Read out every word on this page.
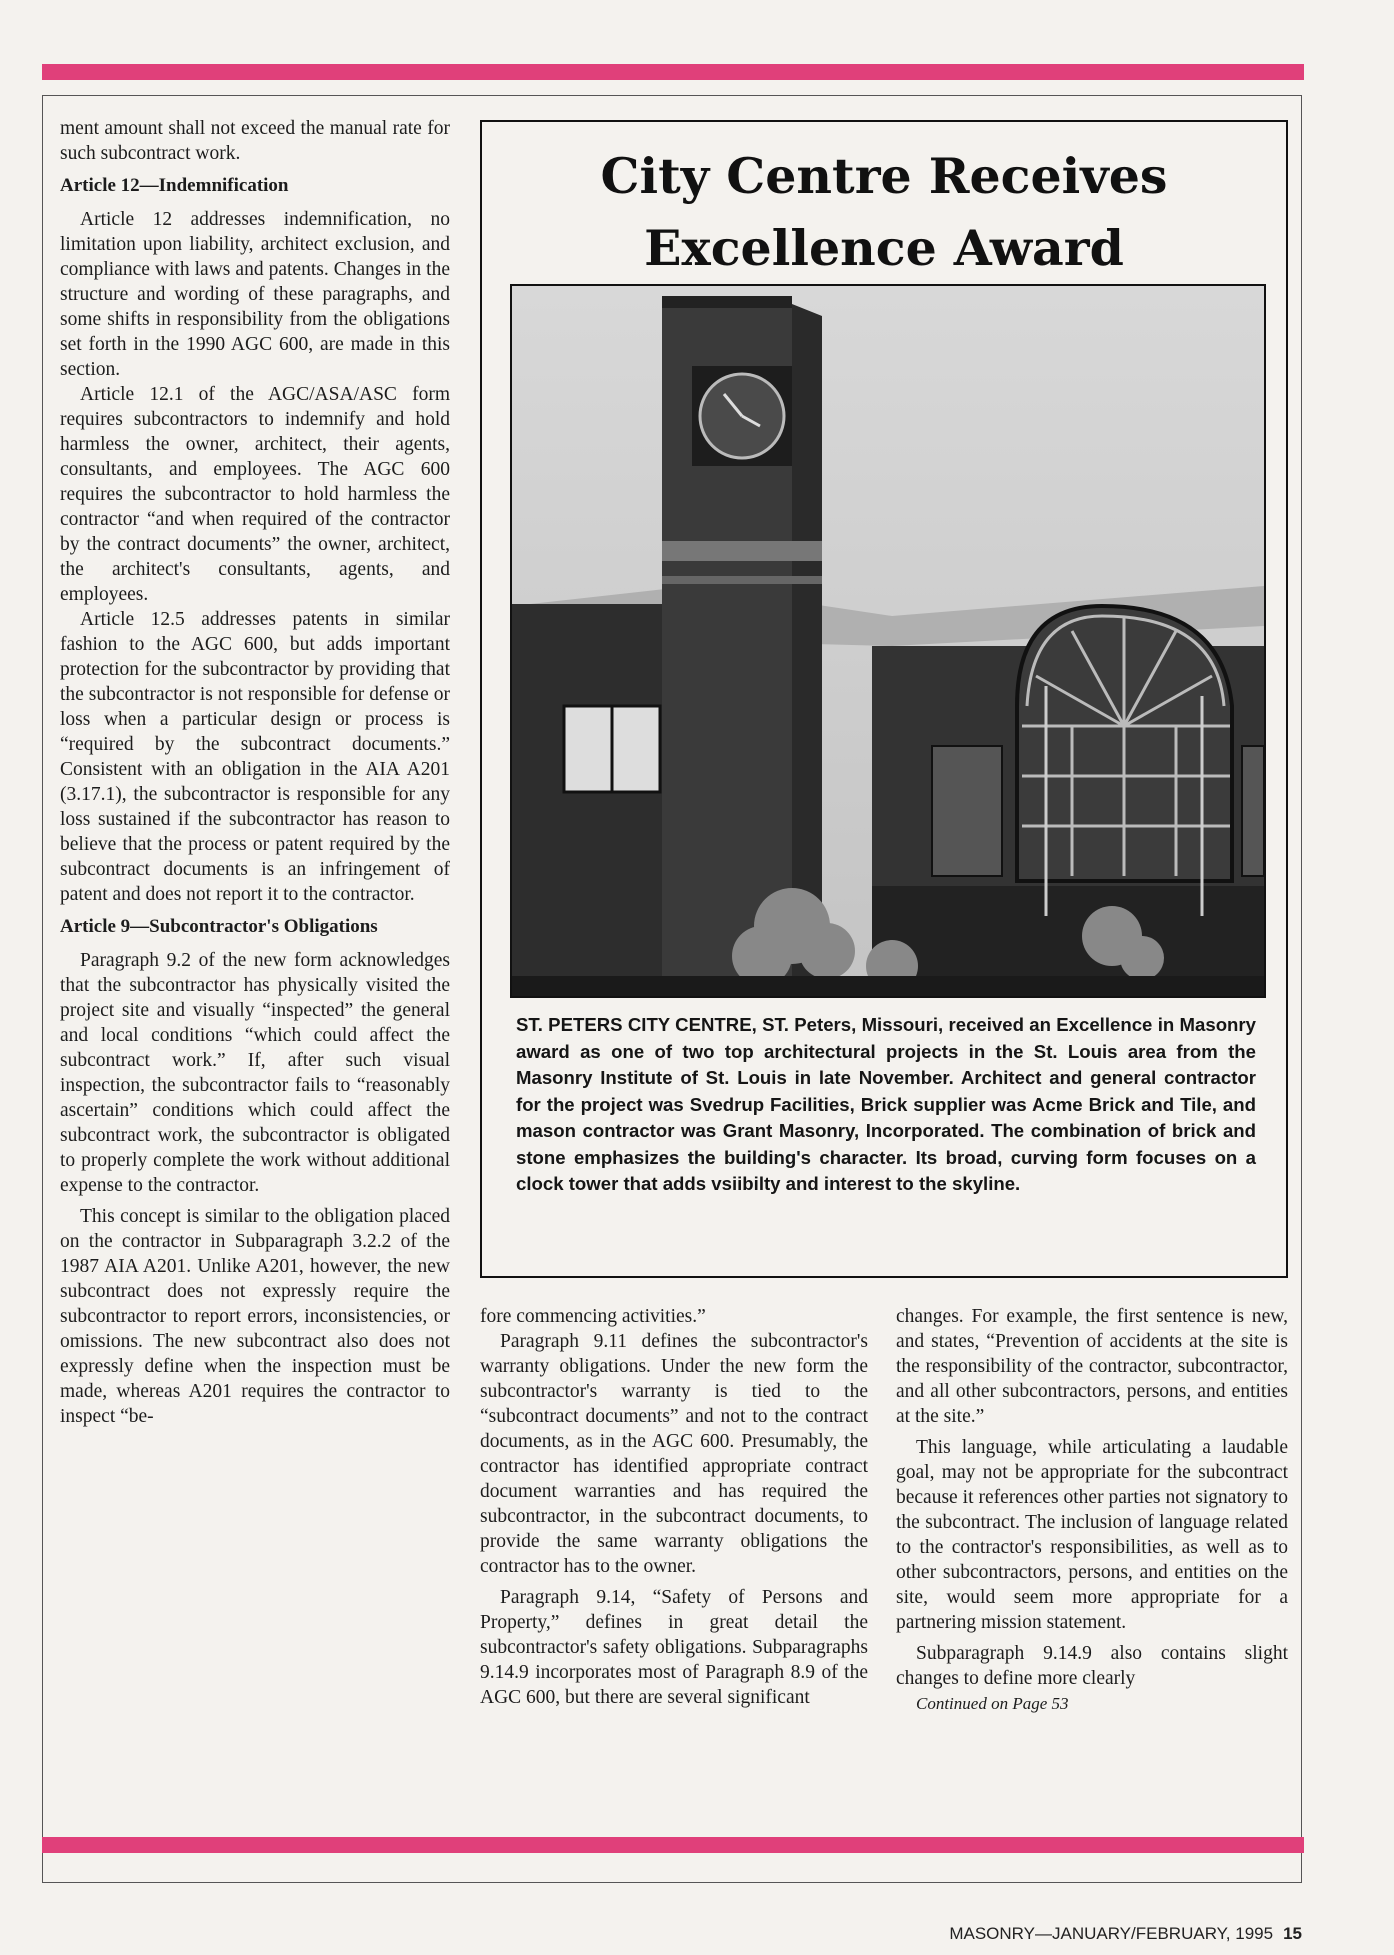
ment amount shall not exceed the manual rate for such subcontract work.

Article 12—Indemnification

Article 12 addresses indemnification, no limitation upon liability, architect exclusion, and compliance with laws and patents. Changes in the structure and wording of these paragraphs, and some shifts in responsibility from the obligations set forth in the 1990 AGC 600, are made in this section.

Article 12.1 of the AGC/ASA/ASC form requires subcontractors to indemnify and hold harmless the owner, architect, their agents, consultants, and employees. The AGC 600 requires the subcontractor to hold harmless the contractor “and when required of the contractor by the contract documents” the owner, architect, the architect's consultants, agents, and employees.

Article 12.5 addresses patents in similar fashion to the AGC 600, but adds important protection for the subcontractor by providing that the subcontractor is not responsible for defense or loss when a particular design or process is “required by the subcontract documents.” Consistent with an obligation in the AIA A201 (3.17.1), the subcontractor is responsible for any loss sustained if the subcontractor has reason to believe that the process or patent required by the subcontract documents is an infringement of patent and does not report it to the contractor.

Article 9—Subcontractor's Obligations

Paragraph 9.2 of the new form acknowledges that the subcontractor has physically visited the project site and visually “inspected” the general and local conditions “which could affect the subcontract work.” If, after such visual inspection, the subcontractor fails to “reasonably ascertain” conditions which could affect the subcontract work, the subcontractor is obligated to properly complete the work without additional expense to the contractor.

This concept is similar to the obligation placed on the contractor in Subparagraph 3.2.2 of the 1987 AIA A201. Unlike A201, however, the new subcontract does not expressly require the subcontractor to report errors, inconsistencies, or omissions. The new subcontract also does not expressly define when the inspection must be made, whereas A201 requires the contractor to inspect “be-

City Centre Receives
Excellence Award
ST. PETERS CITY CENTRE, ST. Peters, Missouri, received an Excellence in Masonry award as one of two top architectural projects in the St. Louis area from the Masonry Institute of St. Louis in late November. Architect and general contractor for the project was Svedrup Facilities, Brick supplier was Acme Brick and Tile, and mason contractor was Grant Masonry, Incorporated. The combination of brick and stone emphasizes the building's character. Its broad, curving form focuses on a clock tower that adds vsiibilty and interest to the skyline.

fore commencing activities.”

Paragraph 9.11 defines the subcontractor's warranty obligations. Under the new form the subcontractor's warranty is tied to the “subcontract documents” and not to the contract documents, as in the AGC 600. Presumably, the contractor has identified appropriate contract document warranties and has required the subcontractor, in the subcontract documents, to provide the same warranty obligations the contractor has to the owner.

Paragraph 9.14, “Safety of Persons and Property,” defines in great detail the subcontractor's safety obligations. Subparagraphs 9.14.9 incorporates most of Paragraph 8.9 of the AGC 600, but there are several significant

changes. For example, the first sentence is new, and states, “Prevention of accidents at the site is the responsibility of the contractor, subcontractor, and all other subcontractors, persons, and entities at the site.”

This language, while articulating a laudable goal, may not be appropriate for the subcontract because it references other parties not signatory to the subcontract. The inclusion of language related to the contractor's responsibilities, as well as to other subcontractors, persons, and entities on the site, would seem more appropriate for a partnering mission statement.

Subparagraph 9.14.9 also contains slight changes to define more clearly

Continued on Page 53

MASONRY—JANUARY/FEBRUARY, 1995 15
